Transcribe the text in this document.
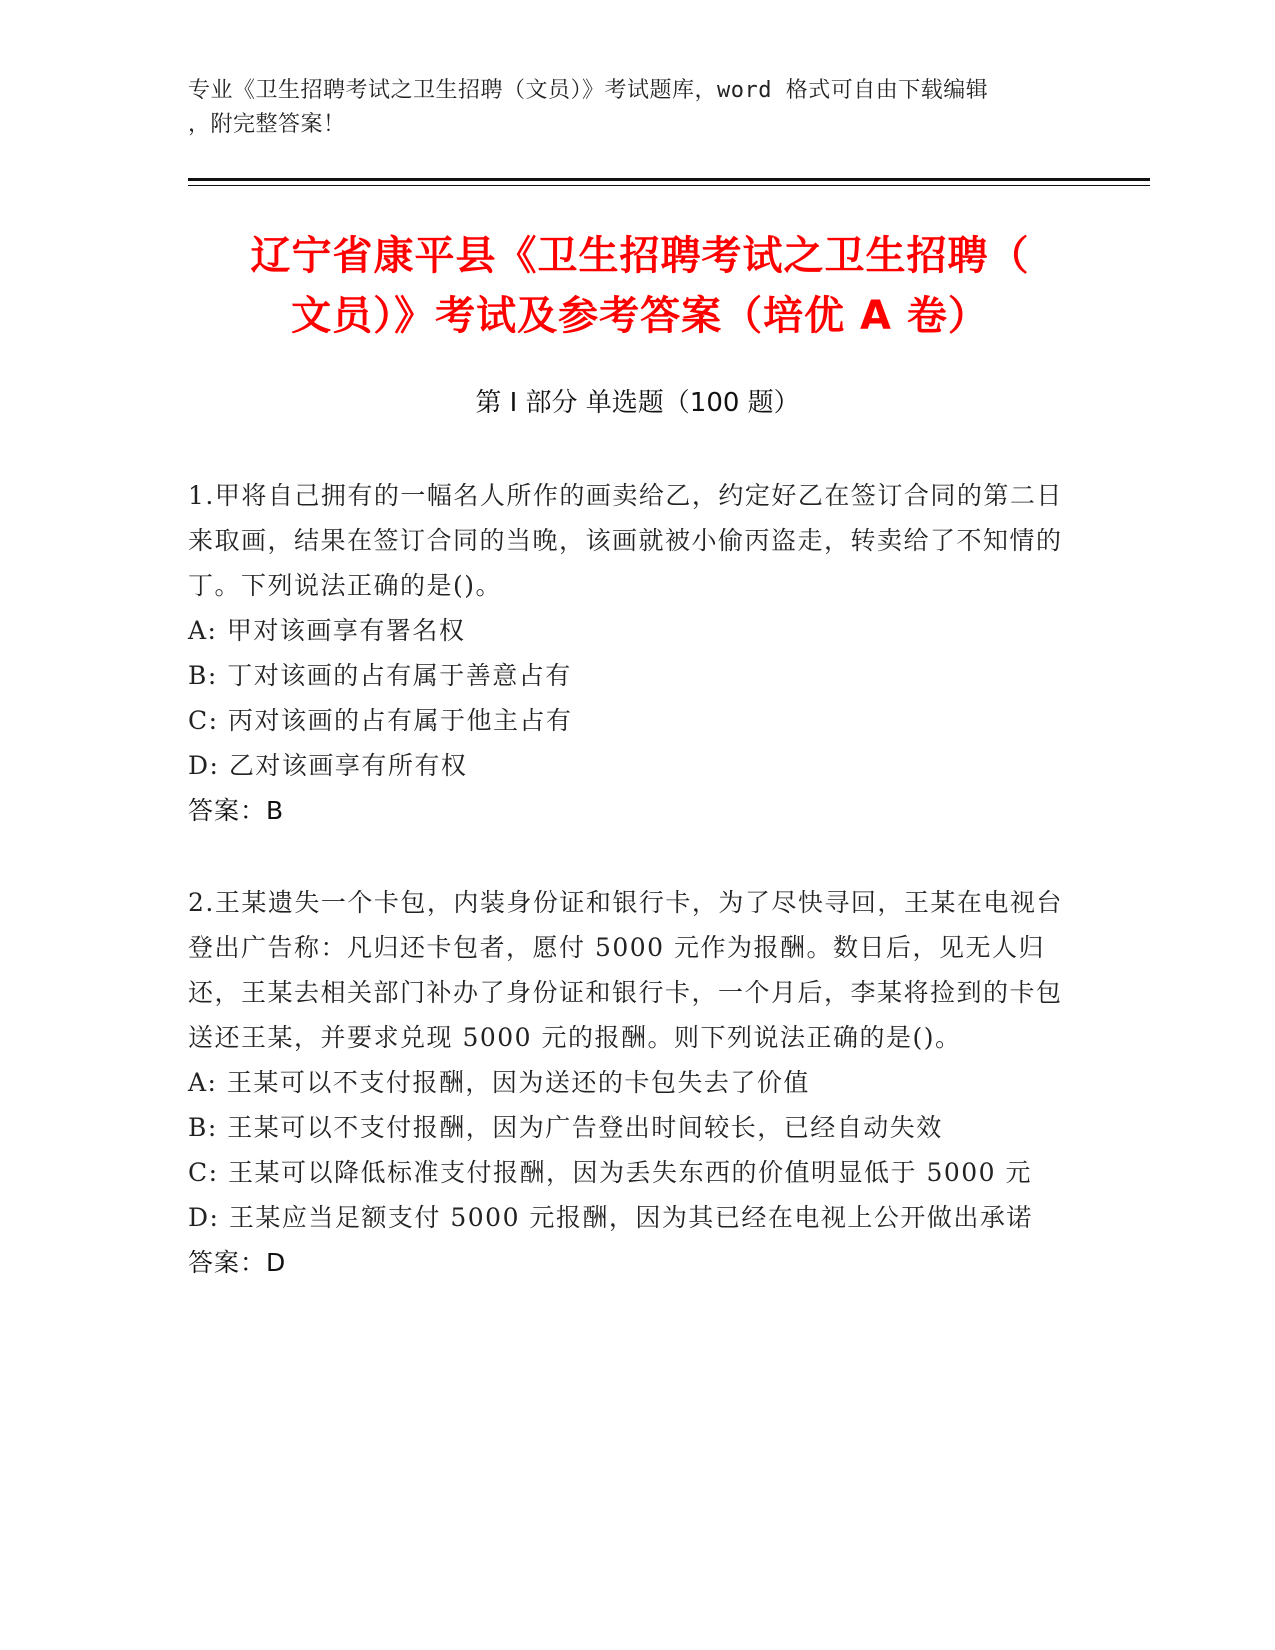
专业《卫生招聘考试之卫生招聘（文员）》考试题库，word 格式可自由下载编辑
，附完整答案！
辽宁省康平县《卫生招聘考试之卫生招聘（
文员）》考试及参考答案（培优 A 卷）
第 I 部分 单选题（100 题）

1.甲将自己拥有的一幅名人所作的画卖给乙，约定好乙在签订合同的第二日来取画，结果在签订合同的当晚，该画就被小偷丙盗走，转卖给了不知情的丁。下列说法正确的是()。

A: 甲对该画享有署名权

B: 丁对该画的占有属于善意占有

C: 丙对该画的占有属于他主占有

D: 乙对该画享有所有权

答案：B

2.王某遗失一个卡包，内装身份证和银行卡，为了尽快寻回，王某在电视台登出广告称：凡归还卡包者，愿付 5000 元作为报酬。数日后，见无人归还，王某去相关部门补办了身份证和银行卡，一个月后，李某将捡到的卡包送还王某，并要求兑现 5000 元的报酬。则下列说法正确的是()。

A: 王某可以不支付报酬，因为送还的卡包失去了价值

B: 王某可以不支付报酬，因为广告登出时间较长，已经自动失效

C: 王某可以降低标准支付报酬，因为丢失东西的价值明显低于 5000 元

D: 王某应当足额支付 5000 元报酬，因为其已经在电视上公开做出承诺

答案：D
